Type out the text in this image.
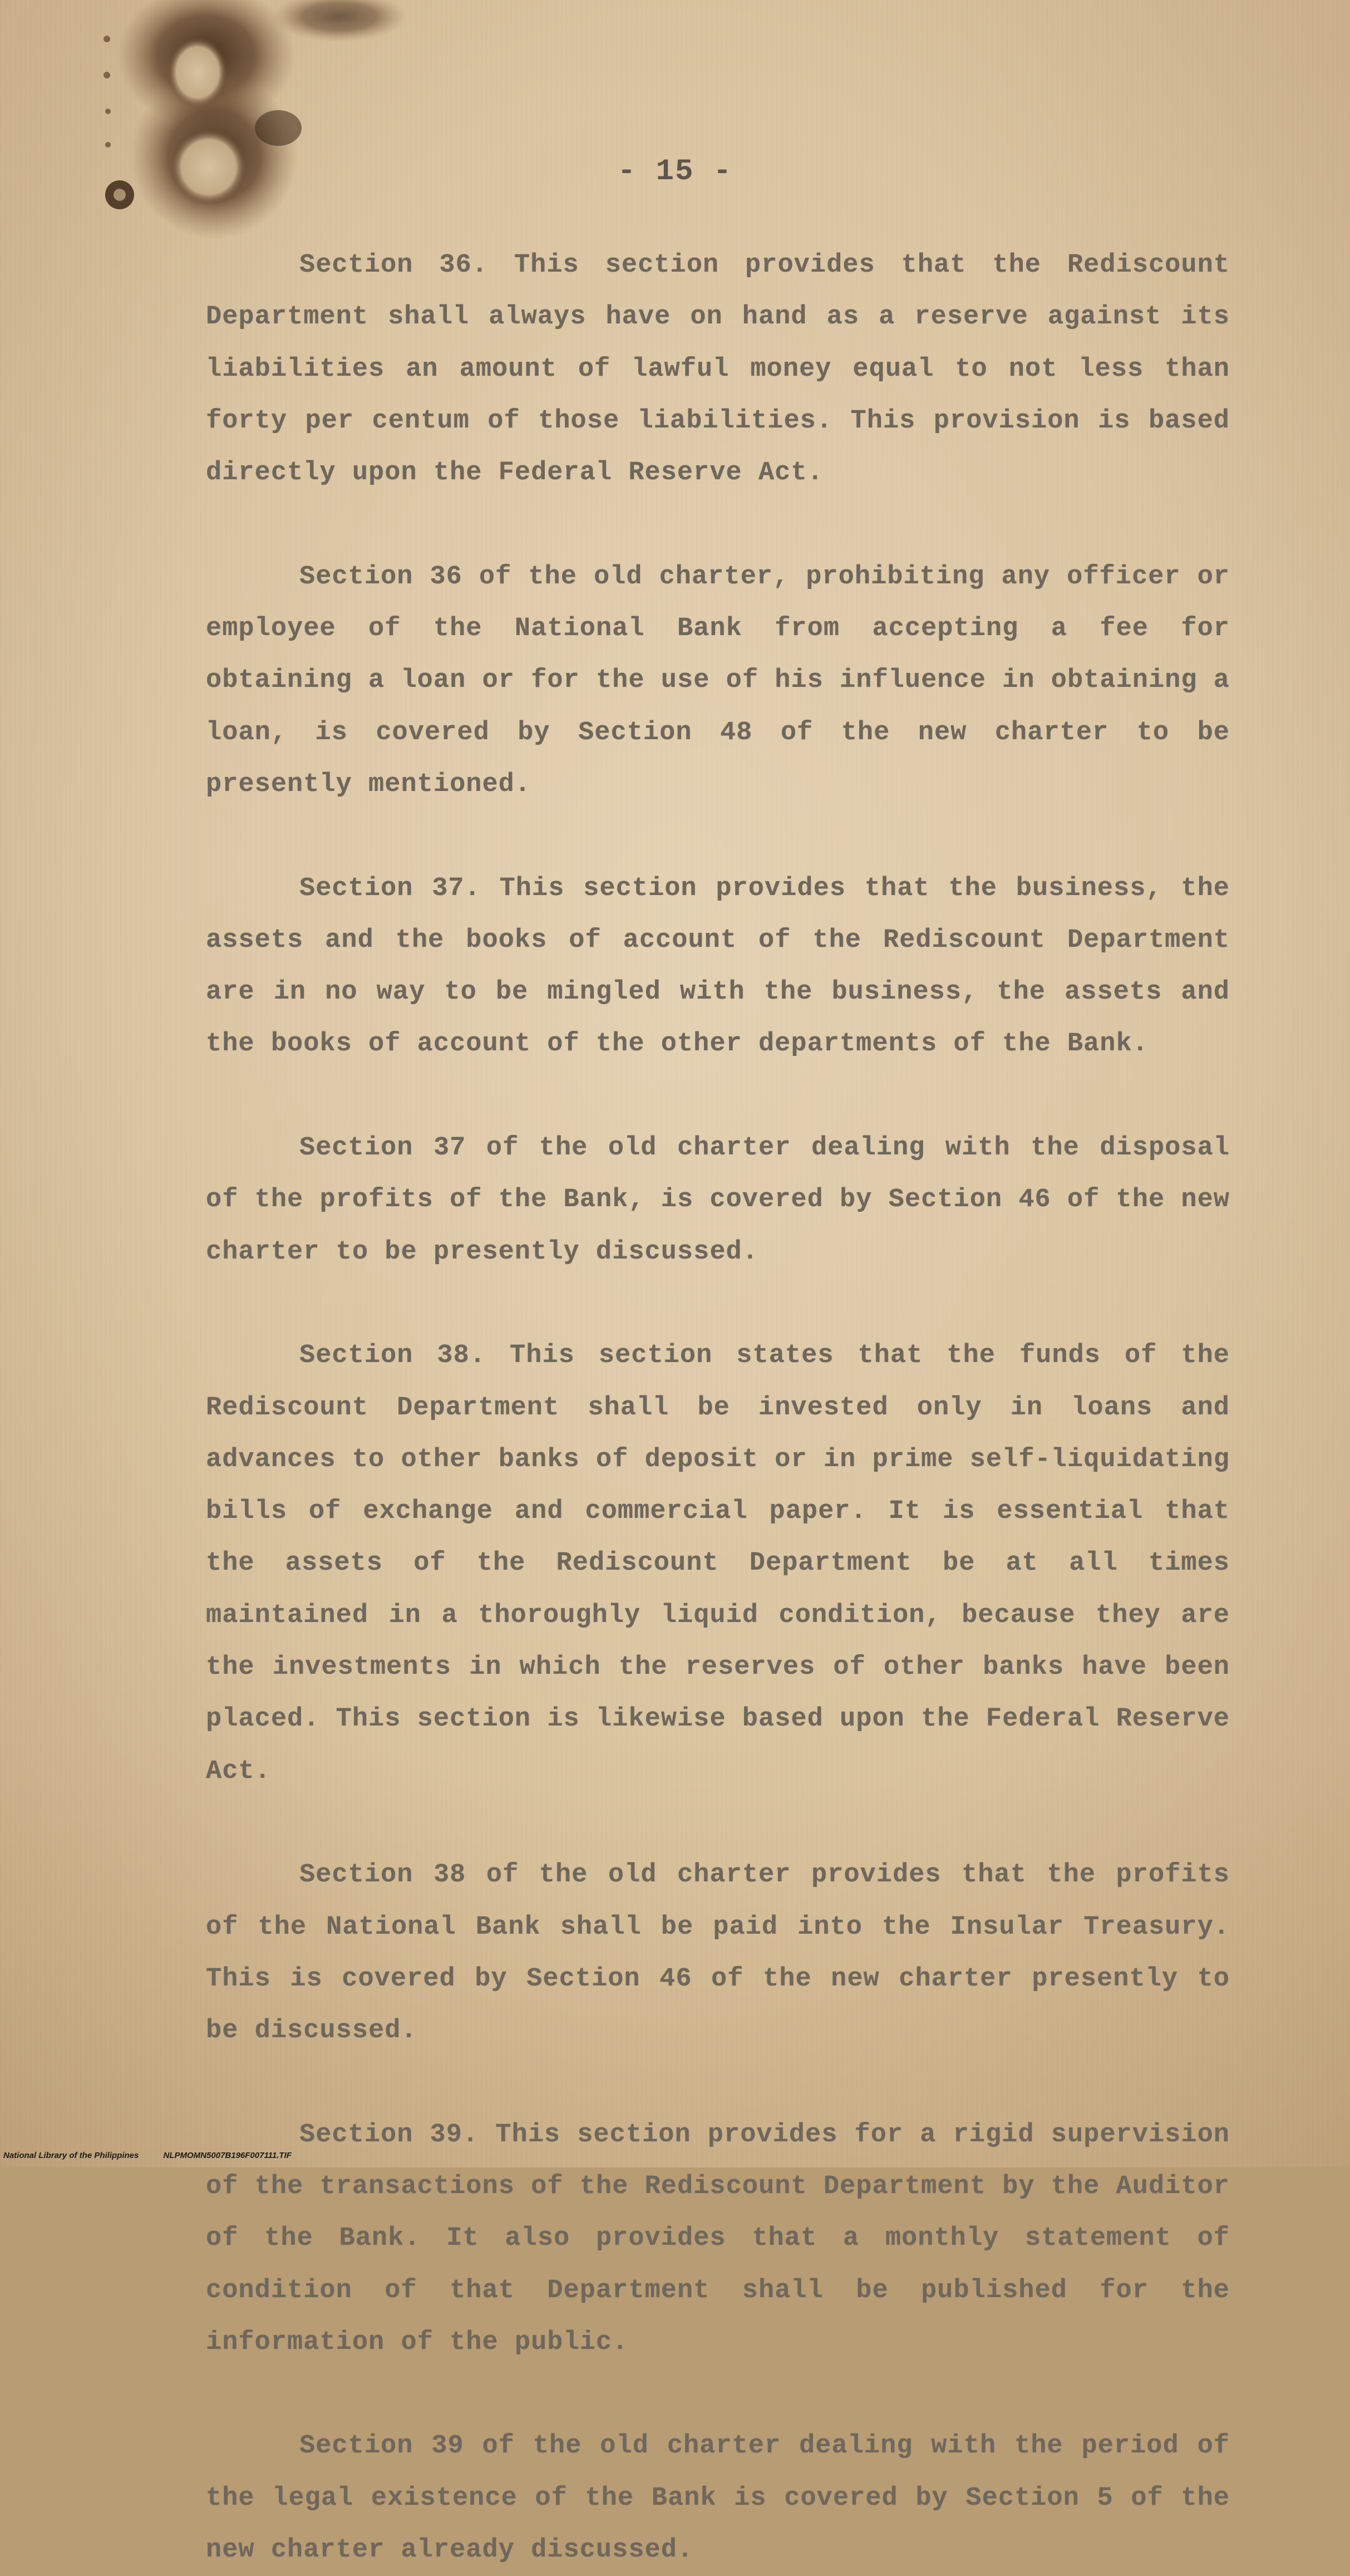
- 15 -

Section 36. This section provides that the Rediscount Department shall always have on hand as a reserve against its liabilities an amount of lawful money equal to not less than forty per centum of those liabilities. This provision is based directly upon the Federal Reserve Act.

Section 36 of the old charter, prohibiting any officer or employee of the National Bank from accepting a fee for obtaining a loan or for the use of his influence in obtaining a loan, is covered by Section 48 of the new charter to be presently mentioned.

Section 37. This section provides that the business, the assets and the books of account of the Rediscount Department are in no way to be mingled with the business, the assets and the books of account of the other departments of the Bank.

Section 37 of the old charter dealing with the disposal of the profits of the Bank, is covered by Section 46 of the new charter to be presently discussed.

Section 38. This section states that the funds of the Rediscount Department shall be invested only in loans and advances to other banks of deposit or in prime self-liquidating bills of exchange and commercial paper. It is essential that the assets of the Rediscount Department be at all times maintained in a thoroughly liquid condition, because they are the investments in which the reserves of other banks have been placed. This section is likewise based upon the Federal Reserve Act.

Section 38 of the old charter provides that the profits of the National Bank shall be paid into the Insular Treasury. This is covered by Section 46 of the new charter presently to be discussed.

Section 39. This section provides for a rigid supervision of the transactions of the Rediscount Department by the Auditor of the Bank. It also provides that a monthly statement of condition of that Department shall be published for the information of the public.

Section 39 of the old charter dealing with the period of the legal existence of the Bank is covered by Section 5 of the new charter already discussed.

National Library of the Philippines	NLPMOMN5007B196F007111.TIF
